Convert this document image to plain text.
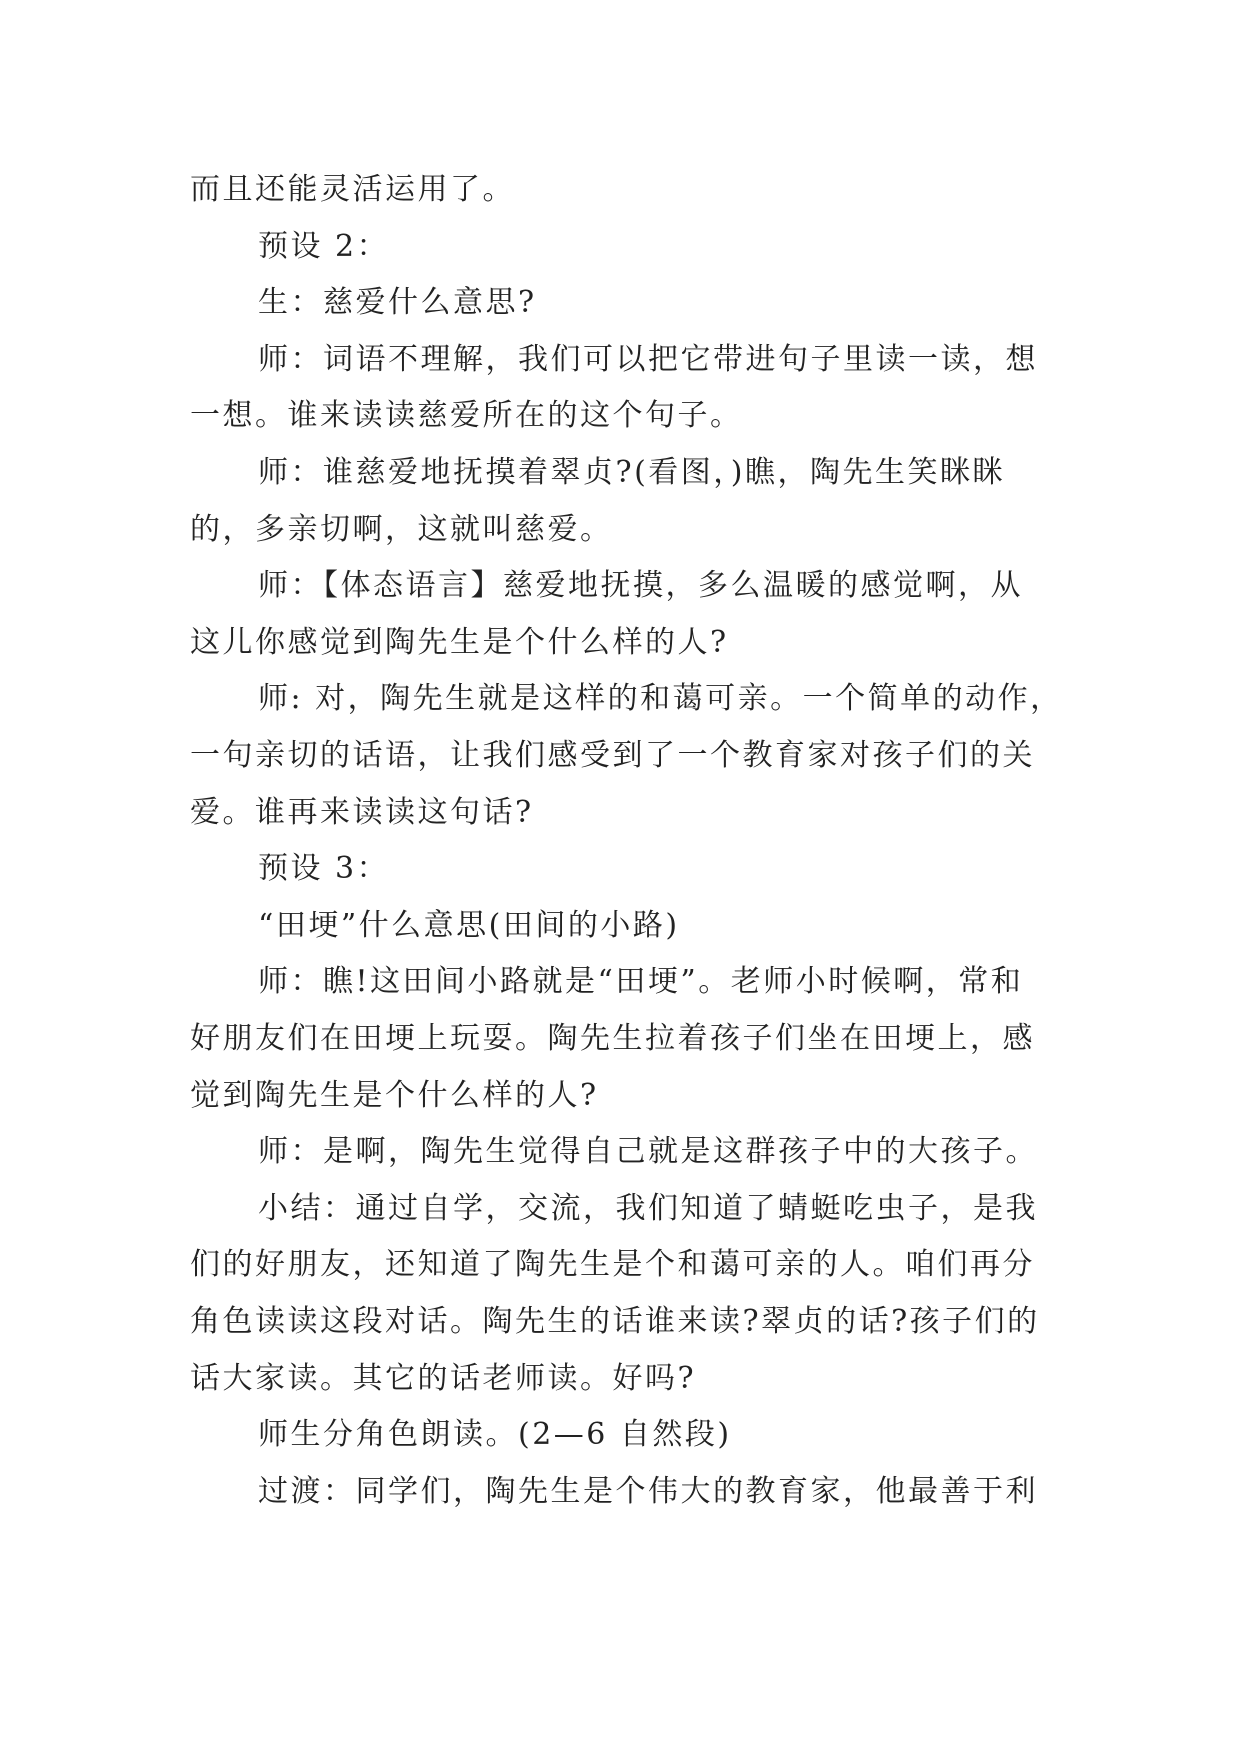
而且还能灵活运用了。
预设 2：
生：慈爱什么意思?
师：词语不理解，我们可以把它带进句子里读一读，想
一想。谁来读读慈爱所在的这个句子。
师：谁慈爱地抚摸着翠贞?(看图，)瞧，陶先生笑眯眯
的，多亲切啊，这就叫慈爱。
师：【体态语言】慈爱地抚摸，多么温暖的感觉啊，从
这儿你感觉到陶先生是个什么样的人?
师: 对，陶先生就是这样的和蔼可亲。一个简单的动作，
一句亲切的话语，让我们感受到了一个教育家对孩子们的关
爱。谁再来读读这句话?
预设 3：
“田埂”什么意思(田间的小路)
师：瞧!这田间小路就是“田埂”。老师小时候啊，常和
好朋友们在田埂上玩耍。陶先生拉着孩子们坐在田埂上，感
觉到陶先生是个什么样的人?
师：是啊，陶先生觉得自己就是这群孩子中的大孩子。
小结：通过自学，交流，我们知道了蜻蜓吃虫子，是我
们的好朋友，还知道了陶先生是个和蔼可亲的人。咱们再分
角色读读这段对话。陶先生的话谁来读?翠贞的话?孩子们的
话大家读。其它的话老师读。好吗?
师生分角色朗读。(2—6 自然段)
过渡：同学们，陶先生是个伟大的教育家，他最善于利
